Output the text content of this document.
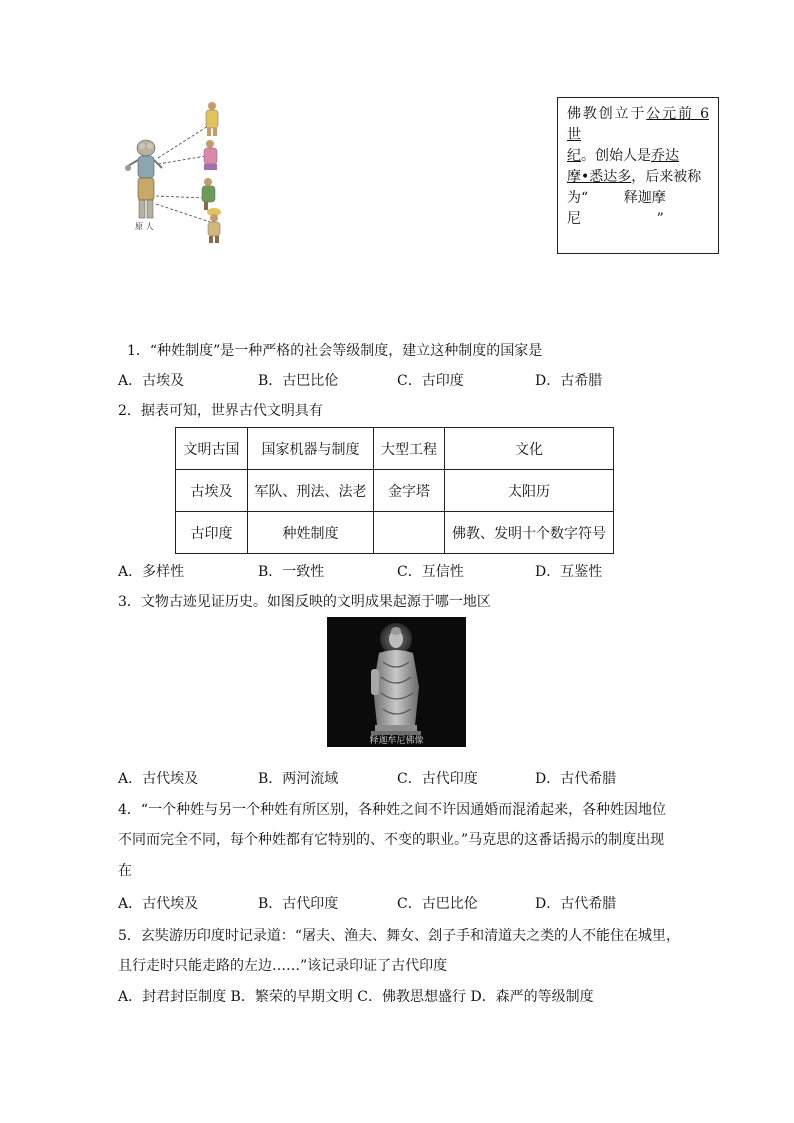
原 人

佛教创立于公元前 6 世

纪。创始人是乔达

摩•悉达多，后来被称

为“        释迦摩

尼                 ”

1．“种姓制度”是一种严格的社会等级制度，建立这种制度的国家是
A．古埃及	B．古巴比伦	C．古印度	D．古希腊
2．据表可知，世界古代文明具有
文明古国	国家机器与制度	大型工程	文化
古埃及	军队、刑法、法老	金字塔	太阳历
古印度	种姓制度		佛教、发明十个数字符号
A．多样性	B．一致性	C．互信性	D．互鉴性
3．文物古迹见证历史。如图反映的文明成果起源于哪一地区
释迦牟尼佛像
A．古代埃及	B．两河流域	C．古代印度	D．古代希腊
4．“一个种姓与另一个种姓有所区别，各种姓之间不许因通婚而混淆起来，各种姓因地位
不同而完全不同，每个种姓都有它特别的、不变的职业。”马克思的这番话揭示的制度出现
在
A．古代埃及	B．古代印度	C．古巴比伦	D．古代希腊
5．玄奘游历印度时记录道：“屠夫、渔夫、舞女、刽子手和清道夫之类的人不能住在城里，
且行走时只能走路的左边……”该记录印证了古代印度
A．封君封臣制度 B．繁荣的早期文明 C．佛教思想盛行 D．森严的等级制度
